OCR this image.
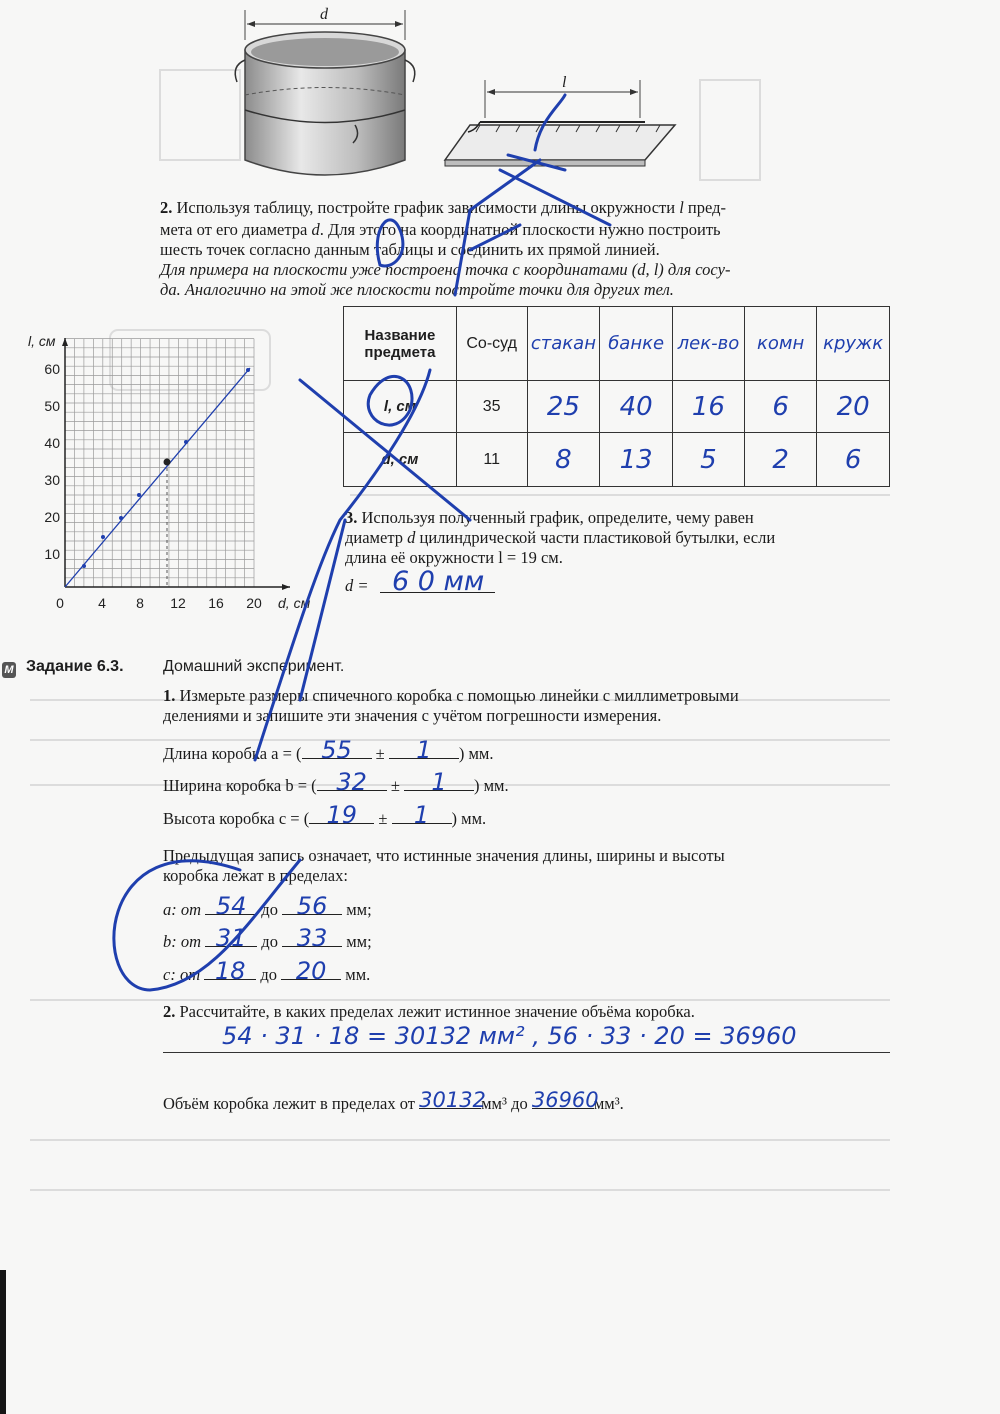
d
l
2. Используя таблицу, постройте график зависимости длины окружности l пред-
мета от его диаметра d. Для этого на координатной плоскости нужно построить
шесть точек согласно данным таблицы и соединить их прямой линией.
Для примера на плоскости уже построена точка с координатами (d, l) для сосу-
да. Аналогично на этой же плоскости постройте точки для других тел.
10
20
30
40
50
60
0 4 8 12 16 20
l, см
d, см
Название предмета	Со-суд	стакан	банке	лек-во	комн	кружк
l, см	35	25	40	16	6	20
d, см	11	8	13	5	2	6
3. Используя полученный график, определите, чему равен
диаметр d цилиндрической части пластиковой бутылки, если
длина её окружности l = 19 см.
d = 6 0 мм
М Задание 6.3. Домашний эксперимент.
1. Измерьте размеры спичечного коробка с помощью линейки с миллиметровыми
делениями и запишите эти значения с учётом погрешности измерения.
Длина коробка a = ( 55	±	1	) мм.
Ширина коробка b = ( 32	±	1	) мм.
Высота коробка c = ( 19	±	1	) мм.
Предыдущая запись означает, что истинные значения длины, ширины и высоты
коробка лежат в пределах:
a: от 54 до 56	мм;
b: от 31 до 33	мм;
c: от 18 до 20	мм.
2. Рассчитайте, в каких пределах лежит истинное значение объёма коробка.
54 · 31 · 18 = 30132 мм² , 56 · 33 · 20 = 36960
Объём коробка лежит в пределах от 30132
мм³ до 36960
мм³.
